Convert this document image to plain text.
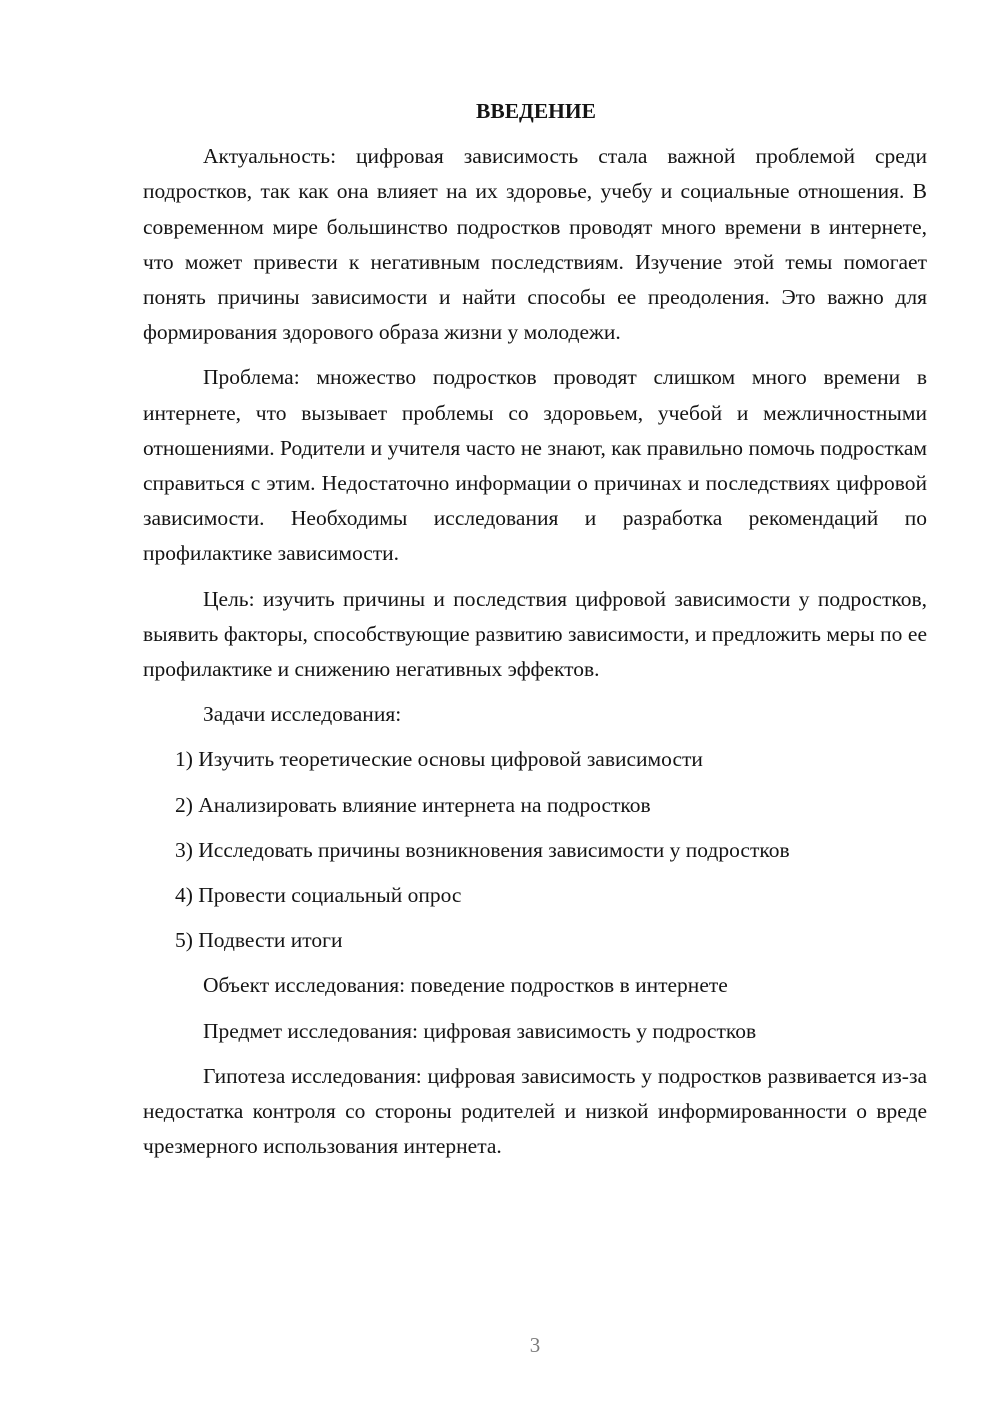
ВВЕДЕНИЕ

Актуальность: цифровая зависимость стала важной проблемой среди подростков, так как она влияет на их здоровье, учебу и социальные отношения. В современном мире большинство подростков проводят много времени в интернете, что может привести к негативным последствиям. Изучение этой темы помогает понять причины зависимости и найти способы ее преодоления. Это важно для формирования здорового образа жизни у молодежи.

Проблема: множество подростков проводят слишком много времени в интернете, что вызывает проблемы со здоровьем, учебой и межличностными отношениями. Родители и учителя часто не знают, как правильно помочь подросткам справиться с этим. Недостаточно информации о причинах и последствиях цифровой зависимости. Необходимы исследования и разработка рекомендаций по профилактике зависимости.

Цель: изучить причины и последствия цифровой зависимости у подростков, выявить факторы, способствующие развитию зависимости, и предложить меры по ее профилактике и снижению негативных эффектов.

Задачи исследования:

1) Изучить теоретические основы цифровой зависимости
2) Анализировать влияние интернета на подростков
3) Исследовать причины возникновения зависимости у подростков
4) Провести социальный опрос
5) Подвести итоги

Объект исследования: поведение подростков в интернете

Предмет исследования: цифровая зависимость у подростков

Гипотеза исследования: цифровая зависимость у подростков развивается из-за недостатка контроля со стороны родителей и низкой информированности о вреде чрезмерного использования интернета.

3
